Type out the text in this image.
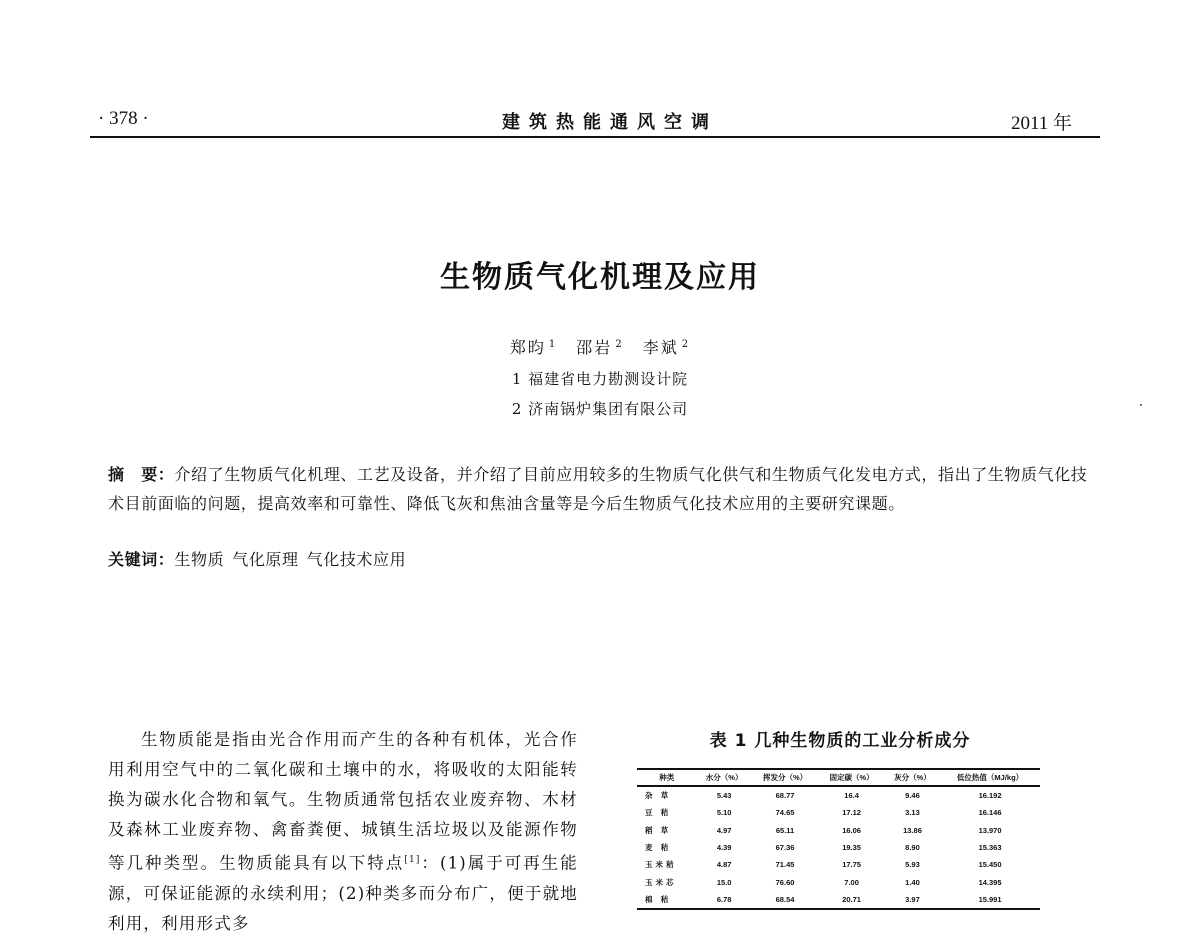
· 378 ·	建筑热能通风空调	2011 年
生物质气化机理及应用
郑昀 $^1$ 邵岩 $^2$ 李斌 $^2$
1 福建省电力勘测设计院
2 济南锅炉集团有限公司
摘　要：介绍了生物质气化机理、工艺及设备，并介绍了目前应用较多的生物质气化供气和生物质气化发电方式，指出了生物质气化技术目前面临的问题，提高效率和可靠性、降低飞灰和焦油含量等是今后生物质气化技术应用的主要研究课题。
关键词：生物质 气化原理 气化技术应用

生物质能是指由光合作用而产生的各种有机体，光合作用利用空气中的二氧化碳和土壤中的水，将吸收的太阳能转换为碳水化合物和氧气。生物质通常包括农业废弃物、木材及森林工业废弃物、禽畜粪便、城镇生活垃圾以及能源作物等几种类型。生物质能具有以下特点[1]：(1)属于可再生能源，可保证能源的永续利用；(2)种类多而分布广，便于就地利用，利用形式多

表 1 几种生物质的工业分析成分
种类	水分（%）	挥发分（%）	固定碳（%）	灰分（%）	低位热值（MJ/kg）
杂 草	5.43	68.77	16.4	9.46	16.192
豆 秸	5.10	74.65	17.12	3.13	16.146
稻 草	4.97	65.11	16.06	13.86	13.970
麦 秸	4.39	67.36	19.35	8.90	15.363
玉米秸	4.87	71.45	17.75	5.93	15.450
玉米芯	15.0	76.60	7.00	1.40	14.395
棉 秸	6.78	68.54	20.71	3.97	15.991
